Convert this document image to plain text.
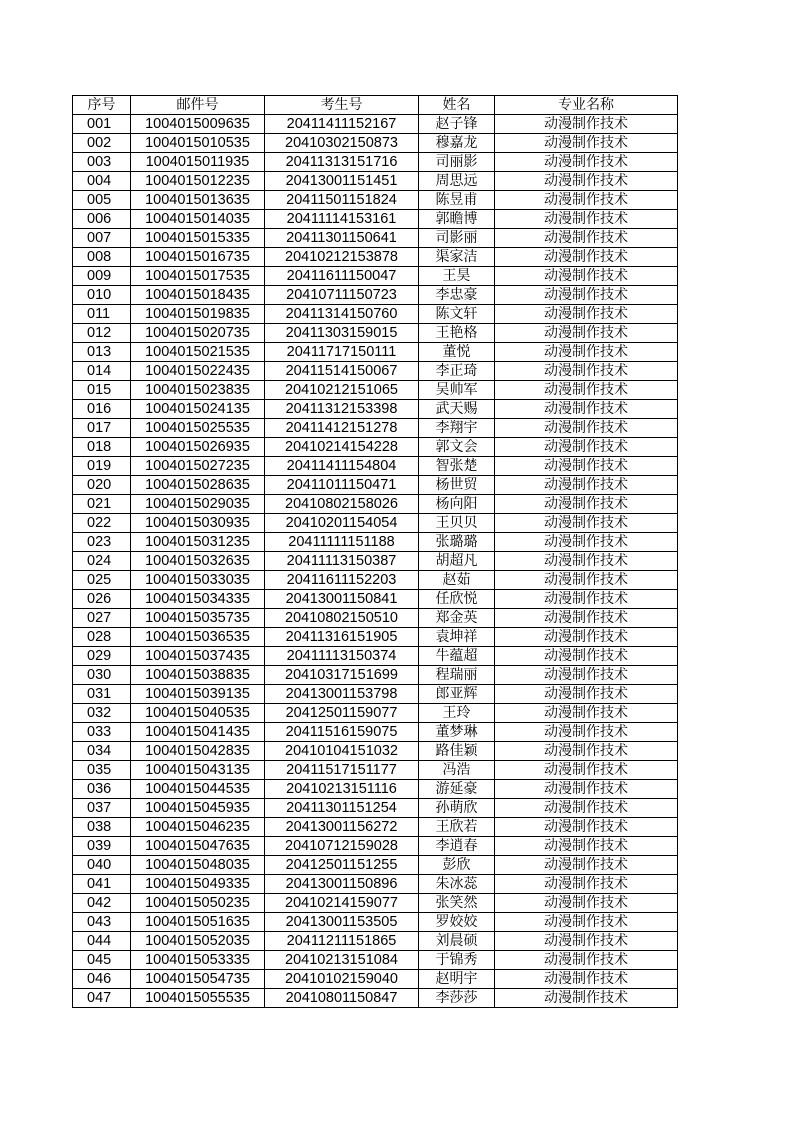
序号	邮件号	考生号	姓名	专业名称
001	1004015009635	20411411152167	赵子锋	动漫制作技术
002	1004015010535	20410302150873	穆嘉龙	动漫制作技术
003	1004015011935	20411313151716	司丽影	动漫制作技术
004	1004015012235	20413001151451	周思远	动漫制作技术
005	1004015013635	20411501151824	陈昱甫	动漫制作技术
006	1004015014035	20411114153161	郭瞻博	动漫制作技术
007	1004015015335	20411301150641	司影丽	动漫制作技术
008	1004015016735	20410212153878	渠家洁	动漫制作技术
009	1004015017535	20411611150047	王昊	动漫制作技术
010	1004015018435	20410711150723	李忠豪	动漫制作技术
011	1004015019835	20411314150760	陈文轩	动漫制作技术
012	1004015020735	20411303159015	王艳格	动漫制作技术
013	1004015021535	20411717150111	董悦	动漫制作技术
014	1004015022435	20411514150067	李正琦	动漫制作技术
015	1004015023835	20410212151065	吴帅军	动漫制作技术
016	1004015024135	20411312153398	武天赐	动漫制作技术
017	1004015025535	20411412151278	李翔宇	动漫制作技术
018	1004015026935	20410214154228	郭文会	动漫制作技术
019	1004015027235	20411411154804	智张楚	动漫制作技术
020	1004015028635	20411011150471	杨世贸	动漫制作技术
021	1004015029035	20410802158026	杨向阳	动漫制作技术
022	1004015030935	20410201154054	王贝贝	动漫制作技术
023	1004015031235	20411111151188	张璐璐	动漫制作技术
024	1004015032635	20411113150387	胡超凡	动漫制作技术
025	1004015033035	20411611152203	赵茹	动漫制作技术
026	1004015034335	20413001150841	任欣悦	动漫制作技术
027	1004015035735	20410802150510	郑金英	动漫制作技术
028	1004015036535	20411316151905	袁坤祥	动漫制作技术
029	1004015037435	20411113150374	牛蕴超	动漫制作技术
030	1004015038835	20410317151699	程瑞丽	动漫制作技术
031	1004015039135	20413001153798	郎亚辉	动漫制作技术
032	1004015040535	20412501159077	王玲	动漫制作技术
033	1004015041435	20411516159075	董梦琳	动漫制作技术
034	1004015042835	20410104151032	路佳颖	动漫制作技术
035	1004015043135	20411517151177	冯浩	动漫制作技术
036	1004015044535	20410213151116	游延豪	动漫制作技术
037	1004015045935	20411301151254	孙萌欣	动漫制作技术
038	1004015046235	20413001156272	王欣若	动漫制作技术
039	1004015047635	20410712159028	李逍春	动漫制作技术
040	1004015048035	20412501151255	彭欣	动漫制作技术
041	1004015049335	20413001150896	朱冰蕊	动漫制作技术
042	1004015050235	20410214159077	张笑然	动漫制作技术
043	1004015051635	20413001153505	罗姣姣	动漫制作技术
044	1004015052035	20411211151865	刘晨硕	动漫制作技术
045	1004015053335	20410213151084	于锦秀	动漫制作技术
046	1004015054735	20410102159040	赵明宇	动漫制作技术
047	1004015055535	20410801150847	李莎莎	动漫制作技术
